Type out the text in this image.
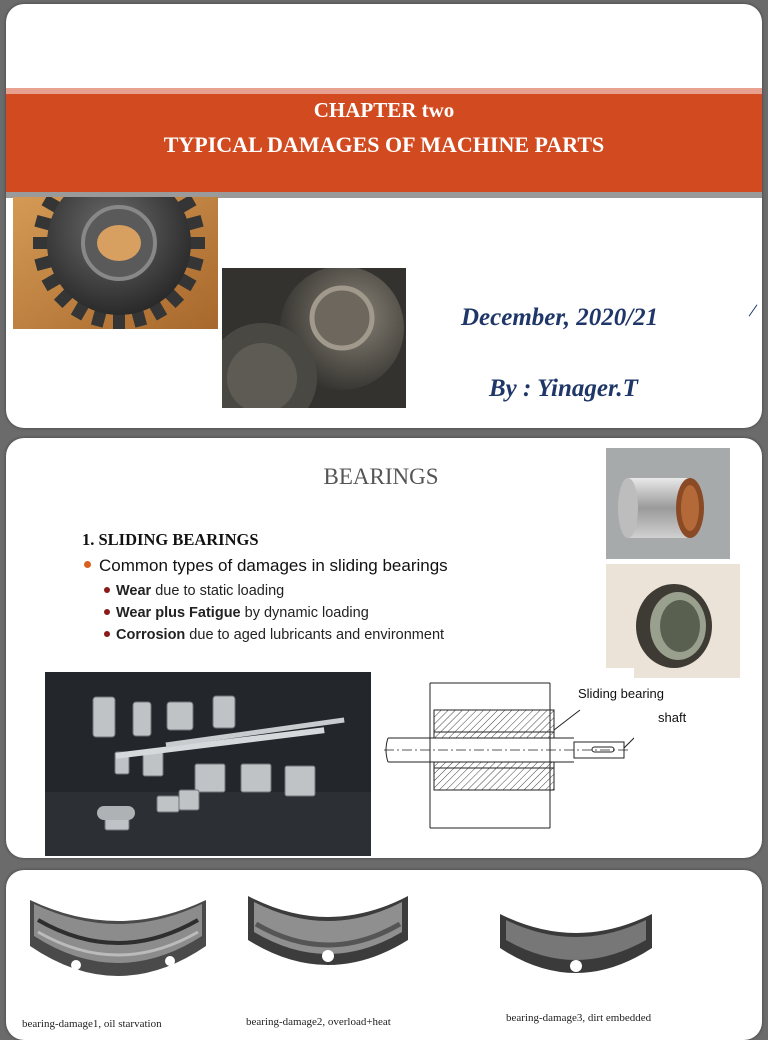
CHAPTER two
TYPICAL DAMAGES OF MACHINE PARTS
December, 2020/21
By : Yinager.T
BEARINGS
1. SLIDING BEARINGS
Common types of damages in sliding bearings
Wear due to static loading
Wear plus Fatigue by dynamic loading
Corrosion due to aged lubricants and environment
Sliding bearing
shaft
bearing-damage1, oil starvation	bearing-damage2, overload+heat	bearing-damage3, dirt embedded
